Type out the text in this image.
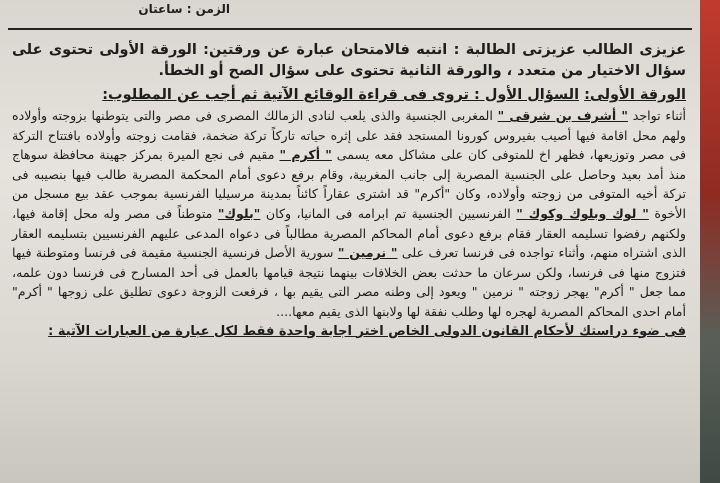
الزمن : ساعتان

عزيزى الطالب عزيزتى الطالبة : انتبه فالامتحان عبارة عن ورقتين: الورقة الأولى تحتوى على سؤال الاختيار من متعدد ، والورقة الثانية تحتوى على سؤال الصح أو الخطأ.

الورقة الأولى: السؤال الأول : تروى فى قراءة الوقائع الآتية ثم أجب عن المطلوب:

أثناء تواجد " أشرف بن شرقى " المغربى الجنسية والذى يلعب لنادى الزمالك المصرى فى مصر والتى يتوطنها بزوجته وأولاده ولهم محل اقامة فيها أصيب بفيروس كورونا المستجد فقد على إثره حياته تاركاً تركة ضخمة، فقامت زوجته وأولاده بافتتاح التركة فى مصر وتوزيعها، فظهر اخ للمتوفى كان على مشاكل معه يسمى " أكرم " مقيم فى نجع الميرة بمركز جهينة محافظة سوهاج منذ أمد بعيد وحاصل على الجنسية المصرية إلى جانب المغربية، وقام برفع دعوى أمام المحكمة المصرية طالب فيها بنصيبه فى تركة أخيه المتوفى من زوجته وأولاده، وكان "أكرم" قد اشترى عقاراً كائناً بمدينة مرسيليا الفرنسية بموجب عقد بيع مسجل من الأخوة " لوك وبلوك وكوك " الفرنسيين الجنسية تم ابرامه فى المانيا، وكان "بلوك" متوطناً فى مصر وله محل إقامة فيها، ولكنهم رفضوا تسليمه العقار فقام برفع دعوى أمام المحاكم المصرية مطالباً فى دعواه المدعى عليهم الفرنسيين بتسليمه العقار الذى اشتراه منهم، وأثناء تواجده فى فرنسا تعرف على " نرمين " سورية الأصل فرنسية الجنسية مقيمة فى فرنسا ومتوطنة فيها فتزوج منها فى فرنسا، ولكن سرعان ما حدثت بعض الخلافات بينهما نتيجة قيامها بالعمل فى أحد المسارح فى فرنسا دون علمه، مما جعل " أكرم" يهجر زوجته " نرمين " ويعود إلى وطنه مصر التى يقيم بها ، فرفعت الزوجة دعوى تطليق على زوجها " أكرم" أمام احدى المحاكم المصرية لهجره لها وطلب نفقة لها ولابنها الذى يقيم معها....

فى ضوء دراستك لأحكام القانون الدولى الخاص اختر اجابة واحدة فقط لكل عبارة من العبارات الآتية :
